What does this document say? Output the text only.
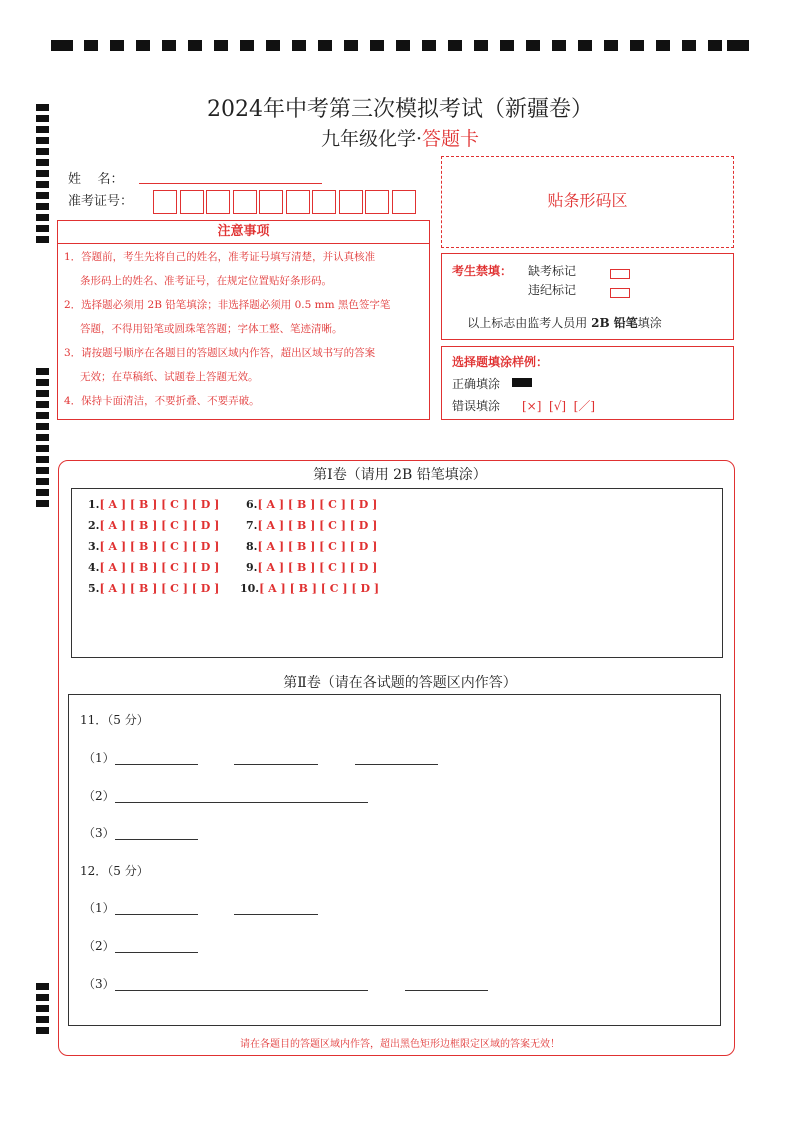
2024年中考第三次模拟考试（新疆卷）
九年级化学·答题卡
姓    名：
准考证号：
注意事项
1．答题前，考生先将自己的姓名，准考证号填写清楚，并认真核准
条形码上的姓名、准考证号，在规定位置贴好条形码。
2．选择题必须用 2B 铅笔填涂；非选择题必须用 0.5 mm 黑色签字笔
答题，不得用铅笔或圆珠笔答题；字体工整、笔迹清晰。
3．请按题号顺序在各题目的答题区域内作答，超出区域书写的答案
无效；在草稿纸、试题卷上答题无效。
4．保持卡面清洁，不要折叠、不要弄破。
贴条形码区
考生禁填： 缺考标记
违纪标记

以上标志由监考人员用 2B 铅笔填涂

选择题填涂样例：
正确填涂
错误填涂 [×]  [√]  [／]
第Ⅰ卷（请用 2B 铅笔填涂）
1.[ A ] [ B ] [ C ] [ D ]
2.[ A ] [ B ] [ C ] [ D ]
3.[ A ] [ B ] [ C ] [ D ]
4.[ A ] [ B ] [ C ] [ D ]
5.[ A ] [ B ] [ C ] [ D ]
6.[ A ] [ B ] [ C ] [ D ]
7.[ A ] [ B ] [ C ] [ D ]
8.[ A ] [ B ] [ C ] [ D ]
9.[ A ] [ B ] [ C ] [ D ]
10.[ A ] [ B ] [ C ] [ D ]
第Ⅱ卷（请在各试题的答题区内作答）
11．（5 分）
（1）
（2）
（3）
12．（5 分）
（1）
（2）
（3）
请在各题目的答题区域内作答，超出黑色矩形边框限定区域的答案无效！
